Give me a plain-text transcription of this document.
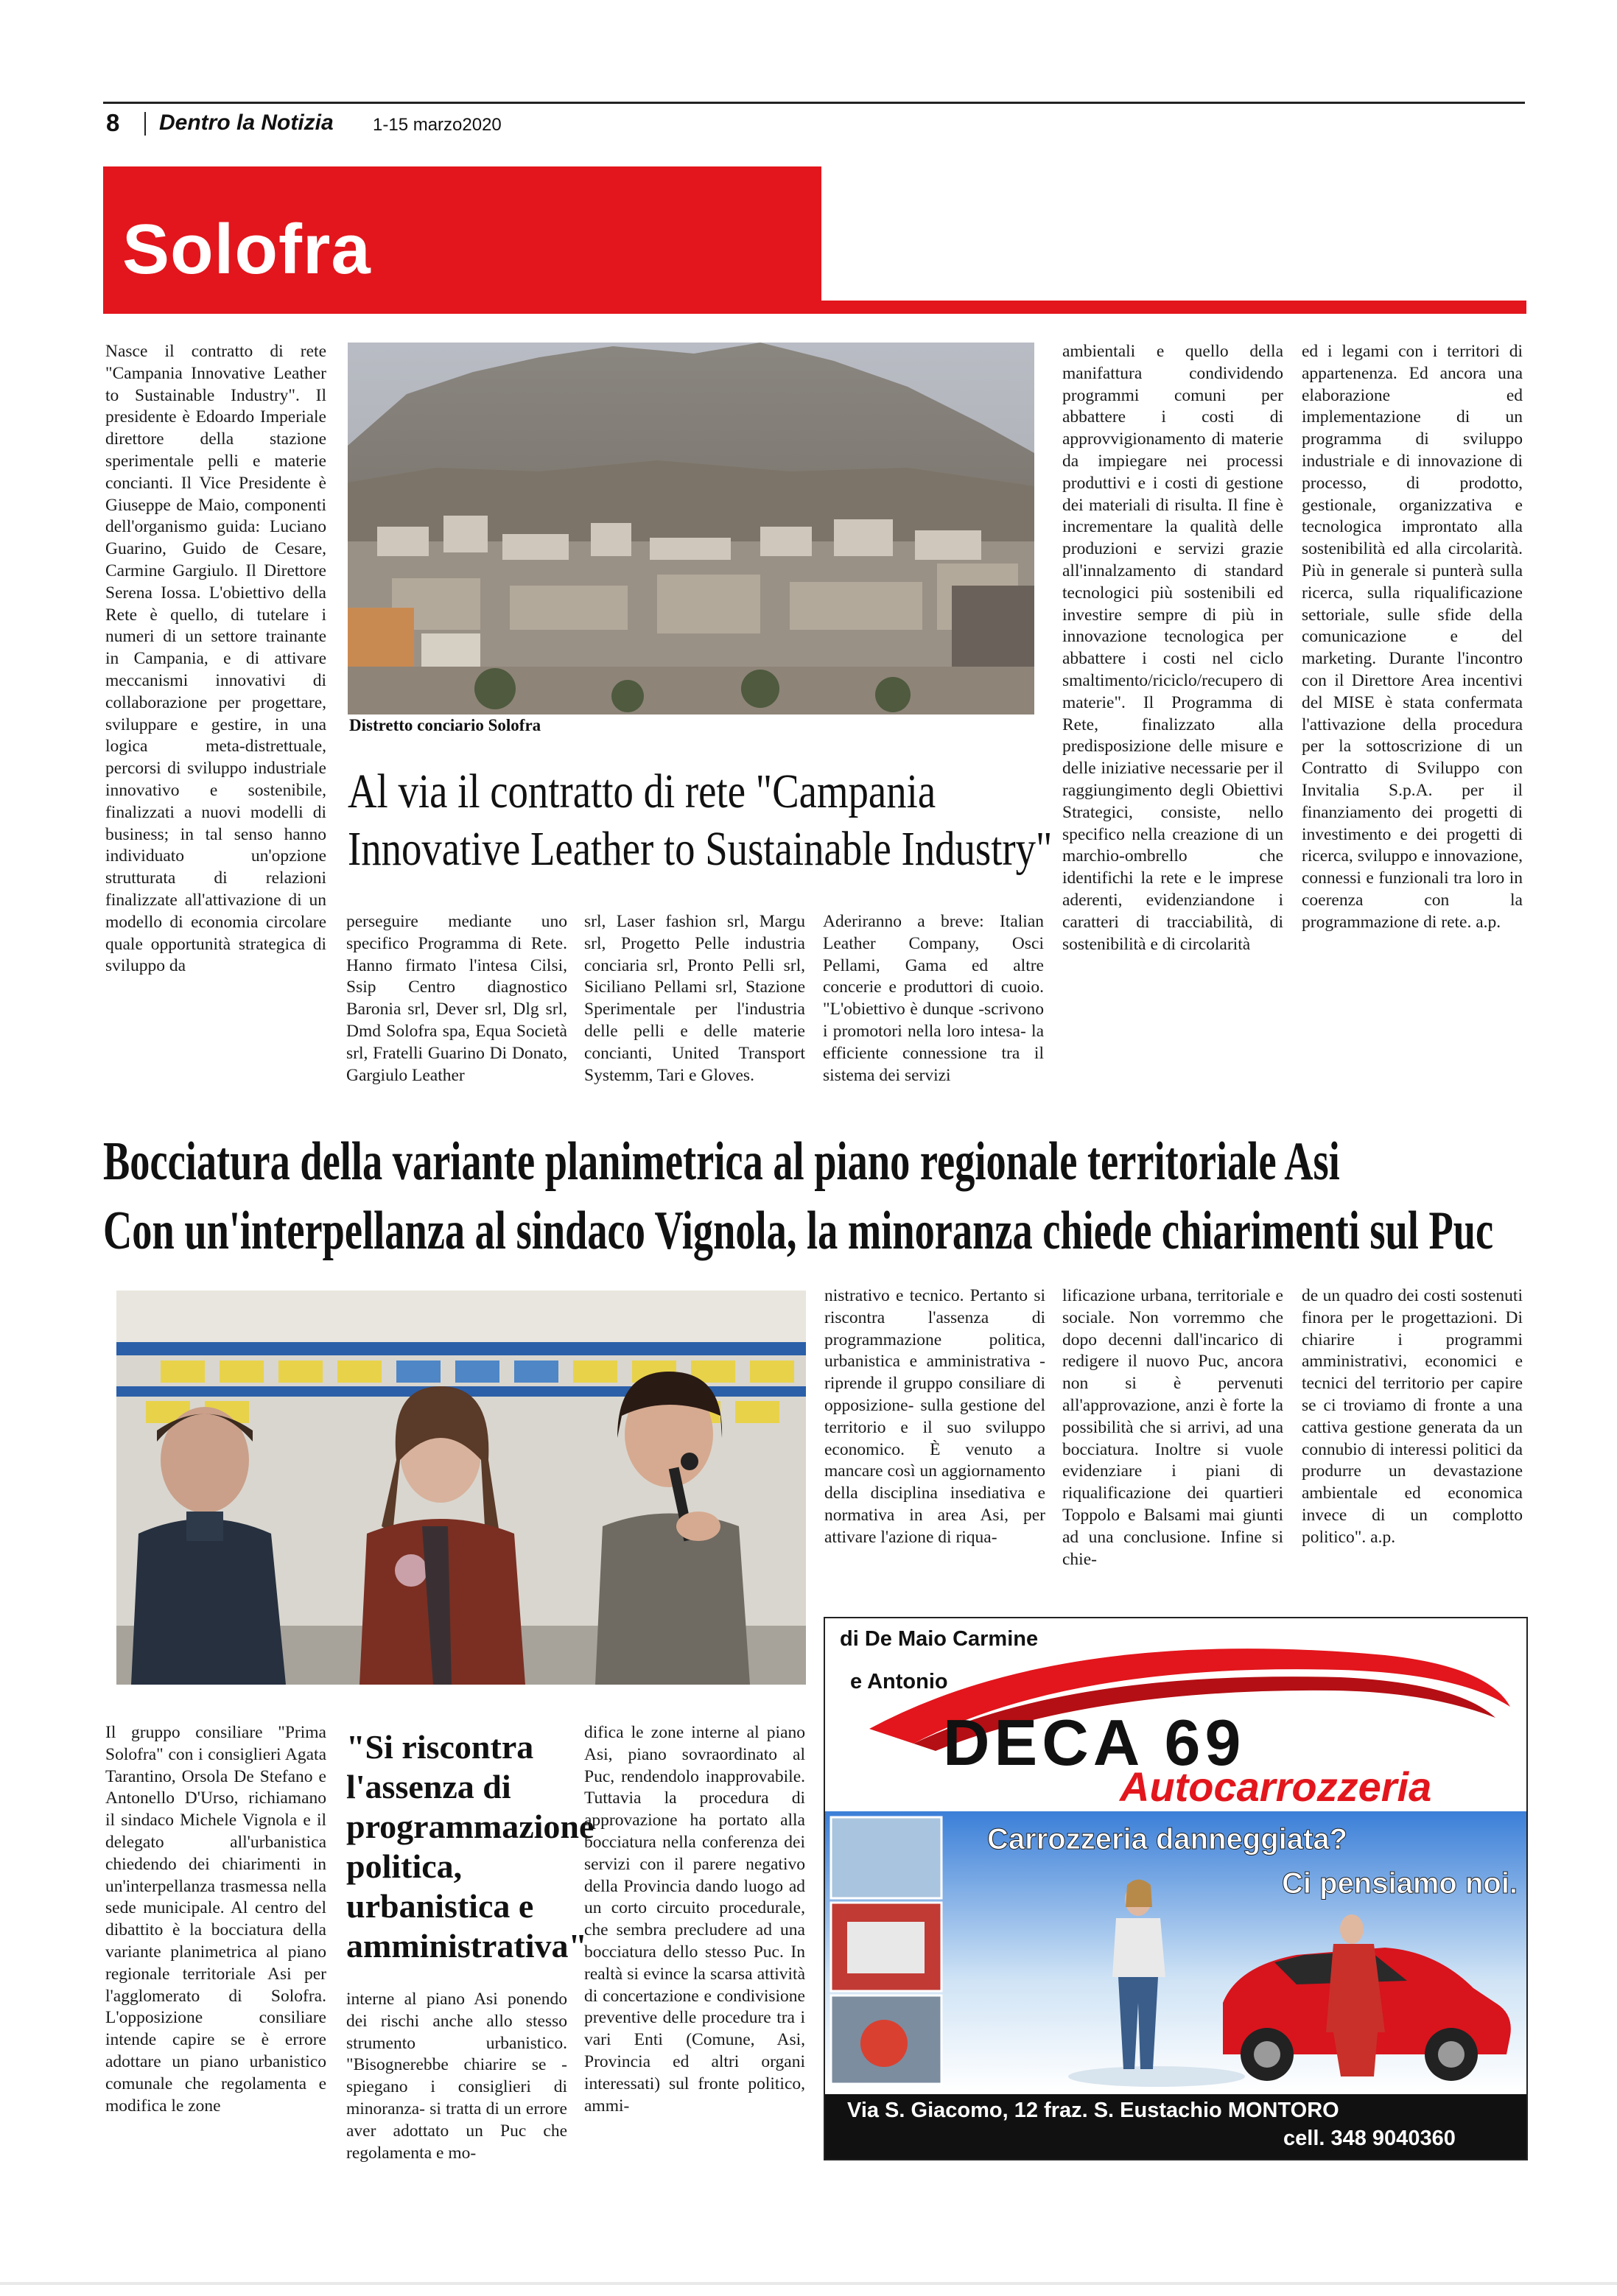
8 Dentro la Notizia 1-15 marzo2020
Solofra
Nasce il contratto di rete "Campania Innovative Leather to Sustainable Industry". Il presidente è Edoardo Imperiale direttore della stazione sperimentale pelli e materie concianti. Il Vice Presidente è Giuseppe de Maio, componenti dell'organismo guida: Luciano Guarino, Guido de Cesare, Carmine Gargiulo. Il Direttore Serena Iossa. L'obiettivo della Rete è quello, di tutelare i numeri di un settore trainante in Campania, e di attivare meccanismi innovativi di collaborazione per progettare, sviluppare e gestire, in una logica meta-distrettuale, percorsi di sviluppo industriale innovativo e sostenibile, finalizzati a nuovi modelli di business; in tal senso hanno individuato un'opzione strutturata di relazioni finalizzate all'attivazione di un modello di economia circolare quale opportunità strategica di sviluppo da
Distretto conciario Solofra
Al via il contratto di rete "Campania
Innovative Leather to Sustainable Industry"
perseguire mediante uno specifico Programma di Rete. Hanno firmato l'intesa Cilsi, Ssip Centro diagnostico Baronia srl, Dever srl, Dlg srl, Dmd Solofra spa, Equa Società srl, Fratelli Guarino Di Donato, Gargiulo Leather
srl, Laser fashion srl, Margu srl, Progetto Pelle industria conciaria srl, Pronto Pelli srl, Siciliano Pellami srl, Stazione Sperimentale per l'industria delle pelli e delle materie concianti, United Transport Systemm, Tari e Gloves.
Aderiranno a breve: Italian Leather Company, Osci Pellami, Gama ed altre concerie e produttori di cuoio. "L'obiettivo è dunque -scrivono i promotori nella loro intesa- la efficiente connessione tra il sistema dei servizi
ambientali e quello della manifattura condividendo programmi comuni per abbattere i costi di approvvigionamento di materie da impiegare nei processi produttivi e i costi di gestione dei materiali di risulta. Il fine è incrementare la qualità delle produzioni e servizi grazie all'innalzamento di standard tecnologici più sostenibili ed investire sempre di più in innovazione tecnologica per abbattere i costi nel ciclo smaltimento/riciclo/recupero di materie". Il Programma di Rete, finalizzato alla predisposizione delle misure e delle iniziative necessarie per il raggiungimento degli Obiettivi Strategici, consiste, nello specifico nella creazione di un marchio-ombrello che identifichi la rete e le imprese aderenti, evidenziandone i caratteri di tracciabilità, di sostenibilità e di circolarità
ed i legami con i territori di appartenenza. Ed ancora una elaborazione ed implementazione di un programma di sviluppo industriale e di innovazione di processo, di prodotto, gestionale, organizzativa e tecnologica improntato alla sostenibilità ed alla circolarità. Più in generale si punterà sulla ricerca, sulla riqualificazione settoriale, sulle sfide della comunicazione e del marketing. Durante l'incontro con il Direttore Area incentivi del MISE è stata confermata l'attivazione della procedura per la sottoscrizione di un Contratto di Sviluppo con Invitalia S.p.A. per il finanziamento dei progetti di investimento e dei progetti di ricerca, sviluppo e innovazione, connessi e funzionali tra loro in coerenza con la programmazione di rete. a.p.
Bocciatura della variante planimetrica al piano regionale territoriale Asi
Con un'interpellanza al sindaco Vignola, la minoranza chiede chiarimenti sul Puc
nistrativo e tecnico. Pertanto si riscontra l'assenza di programmazione politica, urbanistica e amministrativa -riprende il gruppo consiliare di opposizione- sulla gestione del territorio e il suo sviluppo economico. È venuto a mancare così un aggiornamento della disciplina insediativa e normativa in area Asi, per attivare l'azione di riqua-
lificazione urbana, territoriale e sociale. Non vorremmo che dopo decenni dall'incarico di redigere il nuovo Puc, ancora non si è pervenuti all'approvazione, anzi è forte la possibilità che si arrivi, ad una bocciatura. Inoltre si vuole evidenziare i piani di riqualificazione dei quartieri Toppolo e Balsami mai giunti ad una conclusione. Infine si chie-
de un quadro dei costi sostenuti finora per le progettazioni. Di chiarire i programmi amministrativi, economici e tecnici del territorio per capire se ci troviamo di fronte a una cattiva gestione generata da un connubio di interessi politici da produrre un devastazione ambientale ed economica invece di un complotto politico". a.p.
Il gruppo consiliare "Prima Solofra" con i consiglieri Agata Tarantino, Orsola De Stefano e Antonello D'Urso, richiamano il sindaco Michele Vignola e il delegato all'urbanistica chiedendo dei chiarimenti in un'interpellanza trasmessa nella sede municipale. Al centro del dibattito è la bocciatura della variante planimetrica al piano regionale territoriale Asi per l'agglomerato di Solofra. L'opposizione consiliare intende capire se è errore adottare un piano urbanistico comunale che regolamenta e modifica le zone
"Si riscontra l'assenza di programmazione politica, urbanistica e amministrativa"
interne al piano Asi ponendo dei rischi anche allo stesso strumento urbanistico. "Bisognerebbe chiarire se -spiegano i consiglieri di minoranza- si tratta di un errore aver adottato un Puc che regolamenta e mo-
difica le zone interne al piano Asi, piano sovraordinato al Puc, rendendolo inapprovabile. Tuttavia la procedura di approvazione ha portato alla bocciatura nella conferenza dei servizi con il parere negativo della Provincia dando luogo ad un corto circuito procedurale, che sembra precludere ad una bocciatura dello stesso Puc. In realtà si evince la scarsa attività di concertazione e condivisione preventive delle procedure tra i vari Enti (Comune, Asi, Provincia ed altri organi interessati) sul fronte politico, ammi-
di De Maio Carmine
e Antonio
DECA 69
Autocarrozzeria
Carrozzeria danneggiata?
Ci pensiamo noi.
Via S. Giacomo, 12 fraz. S. Eustachio MONTORO
cell. 348 9040360
